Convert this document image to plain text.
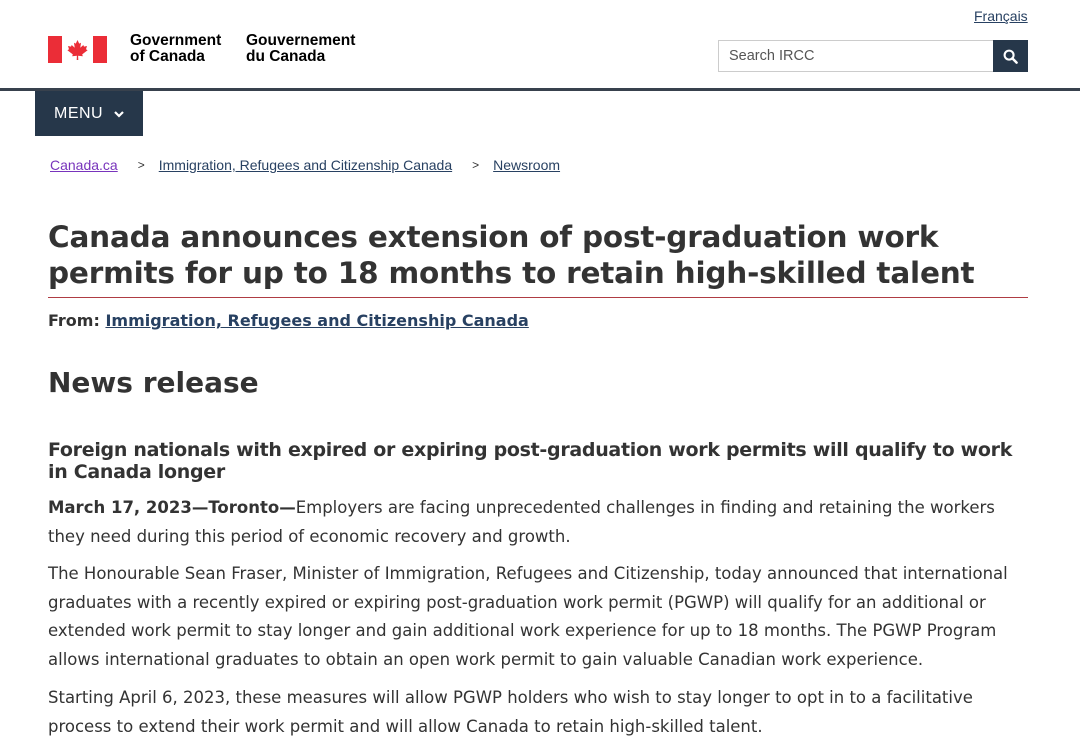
Français
Government
of Canada
Gouvernement
du Canada
Search IRCC
MENU
Canada.ca > Immigration, Refugees and Citizenship Canada > Newsroom
Canada announces extension of post-graduation work permits for up to 18 months to retain high-skilled talent
From: Immigration, Refugees and Citizenship Canada
News release
Foreign nationals with expired or expiring post-graduation work permits will qualify to work in Canada longer

March 17, 2023—Toronto—Employers are facing unprecedented challenges in finding and retaining the workers they need during this period of economic recovery and growth.

The Honourable Sean Fraser, Minister of Immigration, Refugees and Citizenship, today announced that international graduates with a recently expired or expiring post-graduation work permit (PGWP) will qualify for an additional or extended work permit to stay longer and gain additional work experience for up to 18 months. The PGWP Program allows international graduates to obtain an open work permit to gain valuable Canadian work experience.

Starting April 6, 2023, these measures will allow PGWP holders who wish to stay longer to opt in to a facilitative process to extend their work permit and will allow Canada to retain high-skilled talent.
